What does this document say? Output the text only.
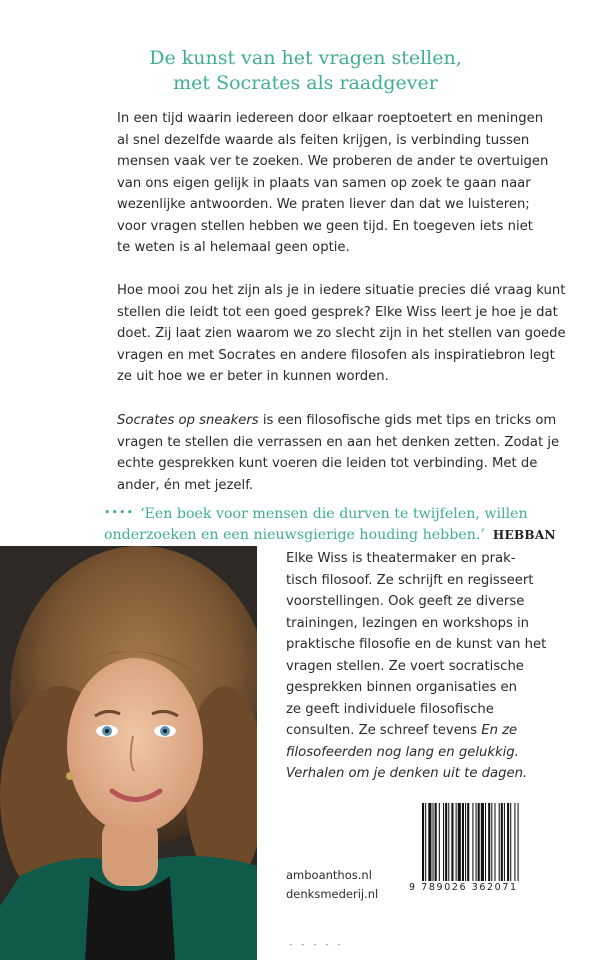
De kunst van het vragen stellen,
met Socrates als raadgever
In een tijd waarin iedereen door elkaar roeptoetert en meningen
al snel dezelfde waarde als feiten krijgen, is verbinding tussen
mensen vaak ver te zoeken. We proberen de ander te overtuigen
van ons eigen gelijk in plaats van samen op zoek te gaan naar
wezenlijke antwoorden. We praten liever dan dat we luisteren;
voor vragen stellen hebben we geen tijd. En toegeven iets niet
te weten is al helemaal geen optie.
Hoe mooi zou het zijn als je in iedere situatie precies dié vraag kunt
stellen die leidt tot een goed gesprek? Elke Wiss leert je hoe je dat
doet. Zij laat zien waarom we zo slecht zijn in het stellen van goede
vragen en met Socrates en andere filosofen als inspiratiebron legt
ze uit hoe we er beter in kunnen worden.
Socrates op sneakers is een filosofische gids met tips en tricks om
vragen te stellen die verrassen en aan het denken zetten. Zodat je
echte gesprekken kunt voeren die leiden tot verbinding. Met de
ander, én met jezelf.
•••• ‘Een boek voor mensen die durven te twijfelen, willen
onderzoeken en een nieuwsgierige houding hebben.’ HEBBAN
Elke Wiss is theatermaker en prak-
tisch filosoof. Ze schrijft en regisseert
voorstellingen. Ook geeft ze diverse
trainingen, lezingen en workshops in
praktische filosofie en de kunst van het
vragen stellen. Ze voert socratische
gesprekken binnen organisaties en
ze geeft individuele filosofische
consulten. Ze schreef tevens En ze
filosofeerden nog lang en gelukkig.
Verhalen om je denken uit te dagen.
9 789026 362071
amboanthos.nl
denksmederij.nl
- - - - -
